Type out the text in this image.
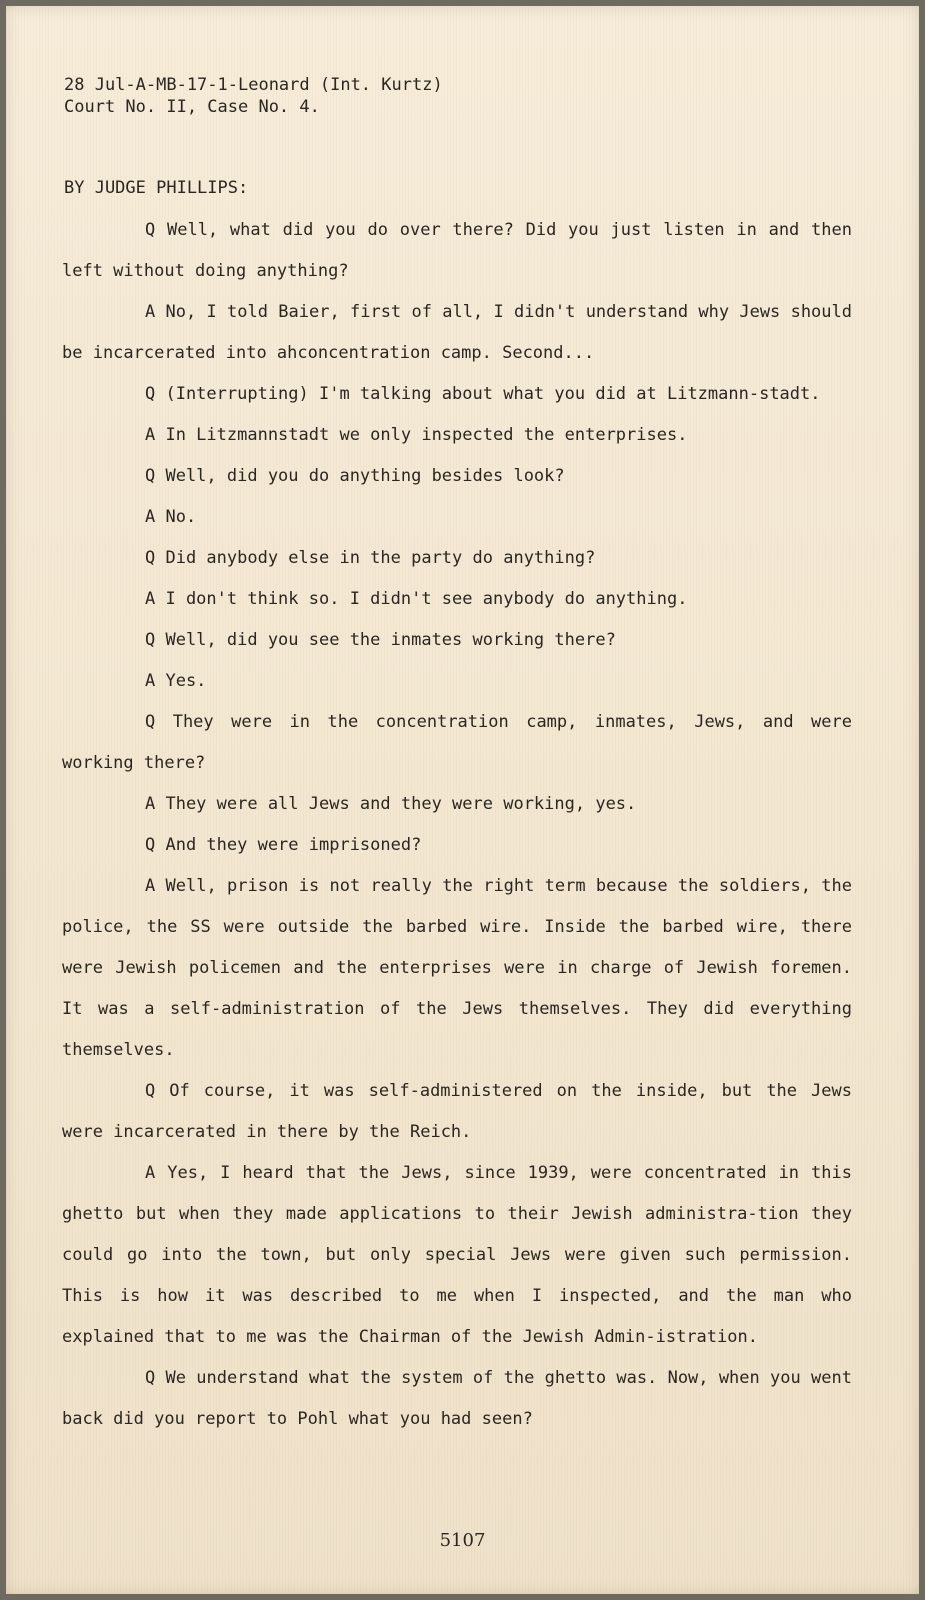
28 Jul-A-MB-17-1-Leonard (Int. Kurtz)
Court No. II, Case No. 4.
BY JUDGE PHILLIPS:

Q Well, what did you do over there? Did you just listen in and then left without doing anything?

A No, I told Baier, first of all, I didn't understand why Jews should be incarcerated into ahconcentration camp. Second...

Q (Interrupting) I'm talking about what you did at Litzmann-stadt.

A In Litzmannstadt we only inspected the enterprises.

Q Well, did you do anything besides look?

A No.

Q Did anybody else in the party do anything?

A I don't think so. I didn't see anybody do anything.

Q Well, did you see the inmates working there?

A Yes.

Q They were in the concentration camp, inmates, Jews, and were working there?

A They were all Jews and they were working, yes.

Q And they were imprisoned?

A Well, prison is not really the right term because the soldiers, the police, the SS were outside the barbed wire. Inside the barbed wire, there were Jewish policemen and the enterprises were in charge of Jewish foremen. It was a self-administration of the Jews themselves. They did everything themselves.

Q Of course, it was self-administered on the inside, but the Jews were incarcerated in there by the Reich.

A Yes, I heard that the Jews, since 1939, were concentrated in this ghetto but when they made applications to their Jewish administra-tion they could go into the town, but only special Jews were given such permission. This is how it was described to me when I inspected, and the man who explained that to me was the Chairman of the Jewish Admin-istration.

Q We understand what the system of the ghetto was. Now, when you went back did you report to Pohl what you had seen?

5107
